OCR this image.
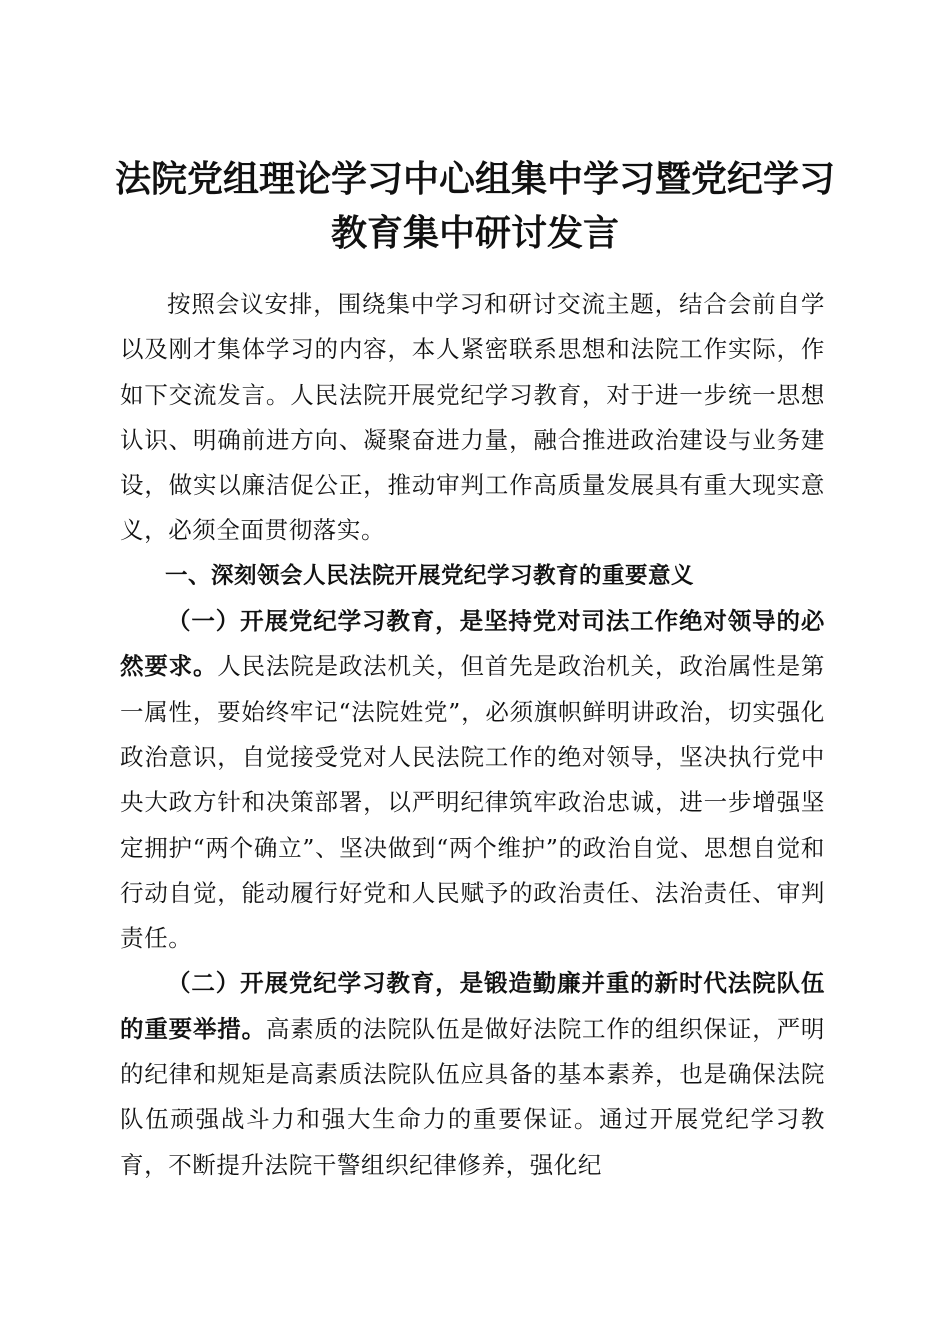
法院党组理论学习中心组集中学习暨党纪学习
教育集中研讨发言

按照会议安排，围绕集中学习和研讨交流主题，结合会前自学以及刚才集体学习的内容，本人紧密联系思想和法院工作实际，作如下交流发言。人民法院开展党纪学习教育，对于进一步统一思想认识、明确前进方向、凝聚奋进力量，融合推进政治建设与业务建设，做实以廉洁促公正，推动审判工作高质量发展具有重大现实意义，必须全面贯彻落实。

一、深刻领会人民法院开展党纪学习教育的重要意义

（一）开展党纪学习教育，是坚持党对司法工作绝对领导的必然要求。人民法院是政法机关，但首先是政治机关，政治属性是第一属性，要始终牢记“法院姓党”，必须旗帜鲜明讲政治，切实强化政治意识，自觉接受党对人民法院工作的绝对领导，坚决执行党中央大政方针和决策部署，以严明纪律筑牢政治忠诚，进一步增强坚定拥护“两个确立”、坚决做到“两个维护”的政治自觉、思想自觉和行动自觉，能动履行好党和人民赋予的政治责任、法治责任、审判责任。

（二）开展党纪学习教育，是锻造勤廉并重的新时代法院队伍的重要举措。高素质的法院队伍是做好法院工作的组织保证，严明的纪律和规矩是高素质法院队伍应具备的基本素养，也是确保法院队伍顽强战斗力和强大生命力的重要保证。通过开展党纪学习教育，不断提升法院干警组织纪律修养，强化纪
